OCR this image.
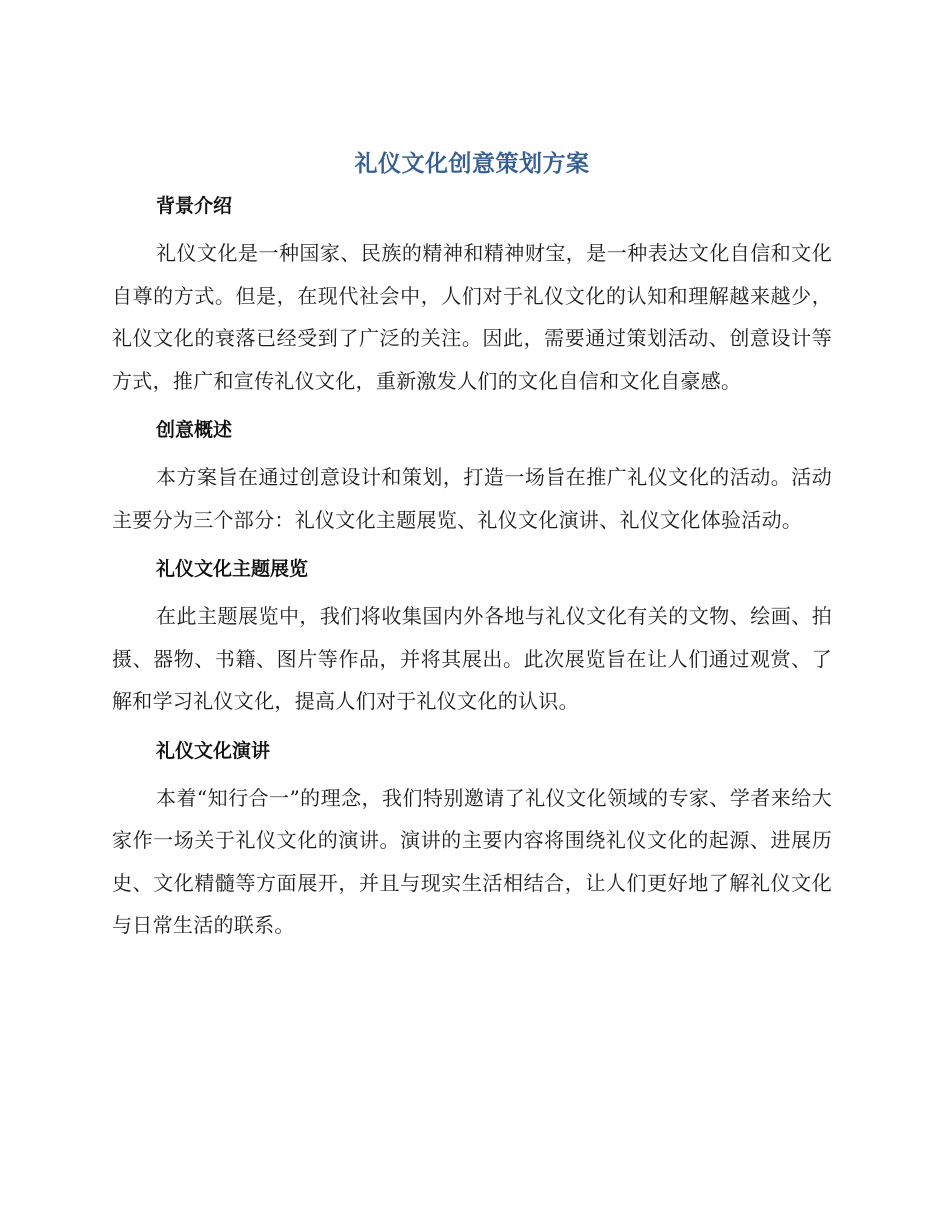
礼仪文化创意策划方案
背景介绍

礼仪文化是一种国家、民族的精神和精神财宝，是一种表达文化自信和文化自尊的方式。但是，在现代社会中，人们对于礼仪文化的认知和理解越来越少，礼仪文化的衰落已经受到了广泛的关注。因此，需要通过策划活动、创意设计等方式，推广和宣传礼仪文化，重新激发人们的文化自信和文化自豪感。

创意概述

本方案旨在通过创意设计和策划，打造一场旨在推广礼仪文化的活动。活动主要分为三个部分：礼仪文化主题展览、礼仪文化演讲、礼仪文化体验活动。

礼仪文化主题展览

在此主题展览中，我们将收集国内外各地与礼仪文化有关的文物、绘画、拍摄、器物、书籍、图片等作品，并将其展出。此次展览旨在让人们通过观赏、了解和学习礼仪文化，提高人们对于礼仪文化的认识。

礼仪文化演讲

本着“知行合一”的理念，我们特别邀请了礼仪文化领域的专家、学者来给大家作一场关于礼仪文化的演讲。演讲的主要内容将围绕礼仪文化的起源、进展历史、文化精髓等方面展开，并且与现实生活相结合，让人们更好地了解礼仪文化与日常生活的联系。
